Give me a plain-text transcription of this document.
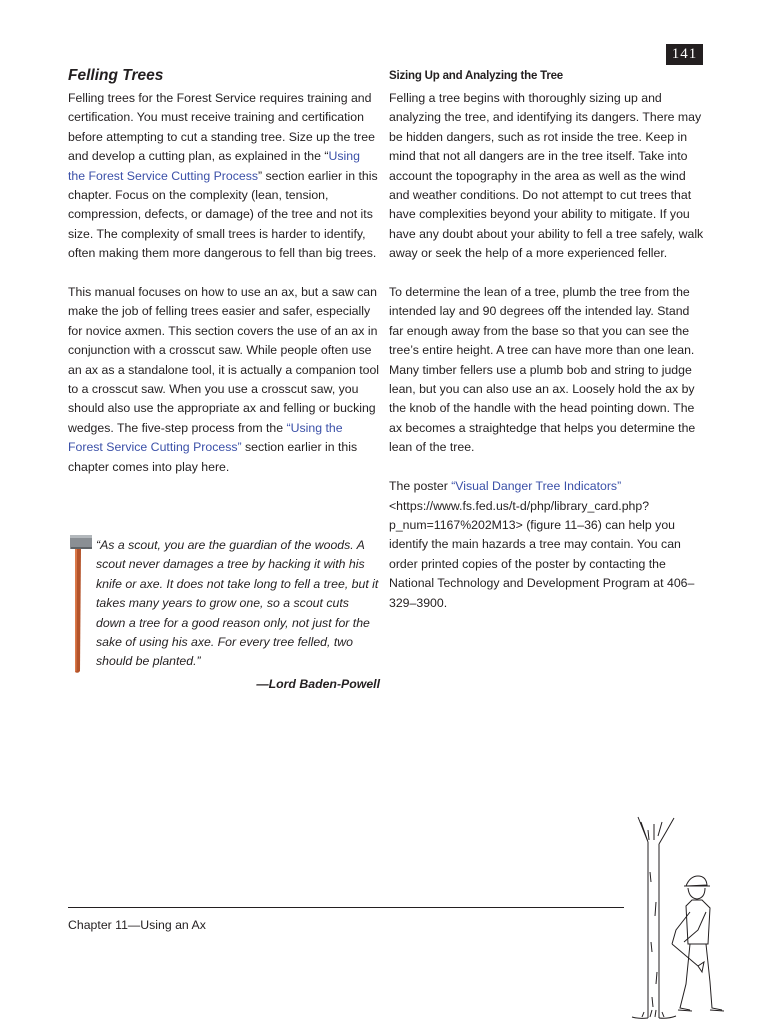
141
Felling Trees

Felling trees for the Forest Service requires training and certification. You must receive training and certification before attempting to cut a standing tree. Size up the tree and develop a cutting plan, as explained in the “Using the Forest Service Cutting Process” section earlier in this chapter. Focus on the complexity (lean, tension, compression, defects, or damage) of the tree and not its size. The complexity of small trees is harder to identify, often making them more dangerous to fell than big trees.

This manual focuses on how to use an ax, but a saw can make the job of felling trees easier and safer, especially for novice axmen. This section covers the use of an ax in conjunction with a crosscut saw. While people often use an ax as a standalone tool, it is actually a companion tool to a crosscut saw. When you use a crosscut saw, you should also use the appropriate ax and felling or bucking wedges. The five-step process from the “Using the Forest Service Cutting Process” section earlier in this chapter comes into play here.

“As a scout, you are the guardian of the woods. A scout never damages a tree by hacking it with his knife or axe. It does not take long to fell a tree, but it takes many years to grow one, so a scout cuts down a tree for a good reason only, not just for the sake of using his axe. For every tree felled, two should be planted.”
—Lord Baden-Powell
Sizing Up and Analyzing the Tree

Felling a tree begins with thoroughly sizing up and analyzing the tree, and identifying its dangers. There may be hidden dangers, such as rot inside the tree. Keep in mind that not all dangers are in the tree itself. Take into account the topography in the area as well as the wind and weather conditions. Do not attempt to cut trees that have complexities beyond your ability to mitigate. If you have any doubt about your ability to fell a tree safely, walk away or seek the help of a more experienced feller.

To determine the lean of a tree, plumb the tree from the intended lay and 90 degrees off the intended lay. Stand far enough away from the base so that you can see the tree’s entire height. A tree can have more than one lean. Many timber fellers use a plumb bob and string to judge lean, but you can also use an ax. Loosely hold the ax by the knob of the handle with the head pointing down. The ax becomes a straightedge that helps you determine the lean of the tree.

The poster “Visual Danger Tree Indicators” <https://www.fs.fed.us/t-d/php/library_card.php?p_num=1167%202M13> (figure 11–36) can help you identify the main hazards a tree may contain. You can order printed copies of the poster by contacting the National Technology and Development Program at 406–329–3900.

Chapter 11—Using an Ax
